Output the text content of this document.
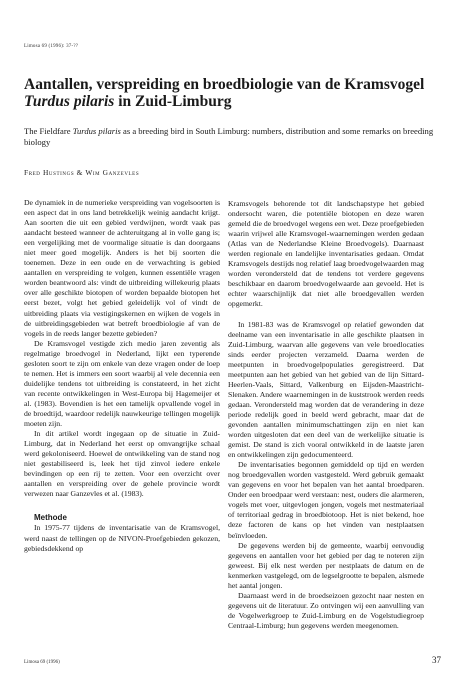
Limosa 69 (1996): 37-??
Aantallen, verspreiding en broedbiologie van de Kramsvogel
Turdus pilaris in Zuid-Limburg

The Fieldfare Turdus pilaris as a breeding bird in South Limburg: numbers, distribution and some remarks on breeding biology

Fred Hustings & Wim Ganzevles

De dynamiek in de numerieke verspreiding van vogelsoorten is een aspect dat in ons land betrekkelijk weinig aandacht krijgt. Aan soorten die uit een gebied verdwijnen, wordt vaak pas aandacht besteed wanneer de achteruitgang al in volle gang is; een vergelijking met de voormalige situatie is dan doorgaans niet meer goed mogelijk. Anders is het bij soorten die toenemen. Deze in een oude en de verwachting is gebied aantallen en verspreiding te volgen, kunnen essentiële vragen worden beantwoord als: vindt de uitbreiding willekeurig plaats over alle geschikte biotopen of worden bepaalde biotopen het eerst bezet, volgt het gebied geleidelijk vol of vindt de uitbreiding plaats via vestigingskernen en wijken de vogels in de uitbreidingsgebieden wat betreft broedbiologie af van de vogels in de reeds langer bezette gebieden?

De Kramsvogel vestigde zich medio jaren zeventig als regelmatige broedvogel in Nederland, lijkt een typerende gesloten soort te zijn om enkele van deze vragen onder de loep te nemen. Het is immers een soort waarbij al vele decennia een duidelijke tendens tot uitbreiding is constateerd, in het zicht van recente ontwikkelingen in West-Europa bij Hagemeijer et al. (1983). Bovendien is het een tamelijk opvallende vogel in de broedtijd, waardoor redelijk nauwkeurige tellingen mogelijk moeten zijn.

In dit artikel wordt ingegaan op de situatie in Zuid-Limburg, dat in Nederland het eerst op omvangrijke schaal werd gekoloniseerd. Hoewel de ontwikkeling van de stand nog niet gestabiliseerd is, leek het tijd zinvol iedere enkele bevindingen op een rij te zetten. Voor een overzicht over aantallen en verspreiding over de gehele provincie wordt verwezen naar Ganzevles et al. (1983).

Methode

In 1975-77 tijdens de inventarisatie van de Kramsvogel, werd naast de tellingen op de NIVON-Proefgebieden gekozen, gebiedsdekkend op

Kramsvogels behorende tot dit landschapstype het gebied ondersocht waren, die potentiële biotopen en deze waren gemeld die de broedvogel wegens een wet. Deze proefgebieden waarin vrijwel alle Kramsvogel-waarnemingen werden gedaan (Atlas van de Nederlandse Kleine Broedvogels). Daarnaast werden regionale en landelijke inventarisaties gedaan. Omdat Kramsvogels destijds nog relatief laag broedvogelwaarden mag worden verondersteld dat de tendens tot verdere gegevens beschikbaar en daarom broedvogelwaarde aan gevoeld. Het is echter waarschijnlijk dat niet alle broedgevallen werden opgemerkt.

In 1981-83 was de Kramsvogel op relatief gewonden dat deelname van een inventarisatie in alle geschikte plaatsen in Zuid-Limburg, waarvan alle gegevens van vele broedlocaties sinds eerder projecten verzameld. Daarna werden de meetpunten in broedvogelpopulaties geregistreerd. Dat meetpunten aan het gebied van het gebied van de lijn Sittard-Heerlen-Vaals, Sittard, Valkenburg en Eijsden-Maastricht-Slenaken. Andere waarnemingen in de kuststrook werden reeds gedaan. Verondersteld mag worden dat de verandering in deze periode redelijk goed in beeld werd gebracht, maar dat de gevonden aantallen minimumschattingen zijn en niet kan worden uitgesloten dat een deel van de werkelijke situatie is gemist. De stand is zich vooral ontwikkeld in de laatste jaren en ontwikkelingen zijn gedocumenteerd.

De inventarisaties begonnen gemiddeld op tijd en werden nog broedgevallen worden vastgesteld. Werd gebruik gemaakt van gegevens en voor het bepalen van het aantal broedparen. Onder een broedpaar werd verstaan: nest, ouders die alarmeren, vogels met voer, uitgevlogen jongen, vogels met nestmateriaal of territoriaal gedrag in broedbiotoop. Het is niet bekend, hoe deze factoren de kans op het vinden van nestplaatsen beïnvloeden.

De gegevens werden bij de gemeente, waarbij eenvoudig gegevens en aantallen voor het gebied per dag te noteren zijn geweest. Bij elk nest werden per nestplaats de datum en de kenmerken vastgelegd, om de legselgrootte te bepalen, alsmede het aantal jongen.

Daarnaast werd in de broedseizoen gezocht naar nesten en gegevens uit de literatuur. Zo ontvingen wij een aanvulling van de Vogelwerkgroep te Zuid-Limburg en de Vogelstudiegroep Centraal-Limburg; hun gegevens werden meegenomen.

Limosa 69 (1996)	37
